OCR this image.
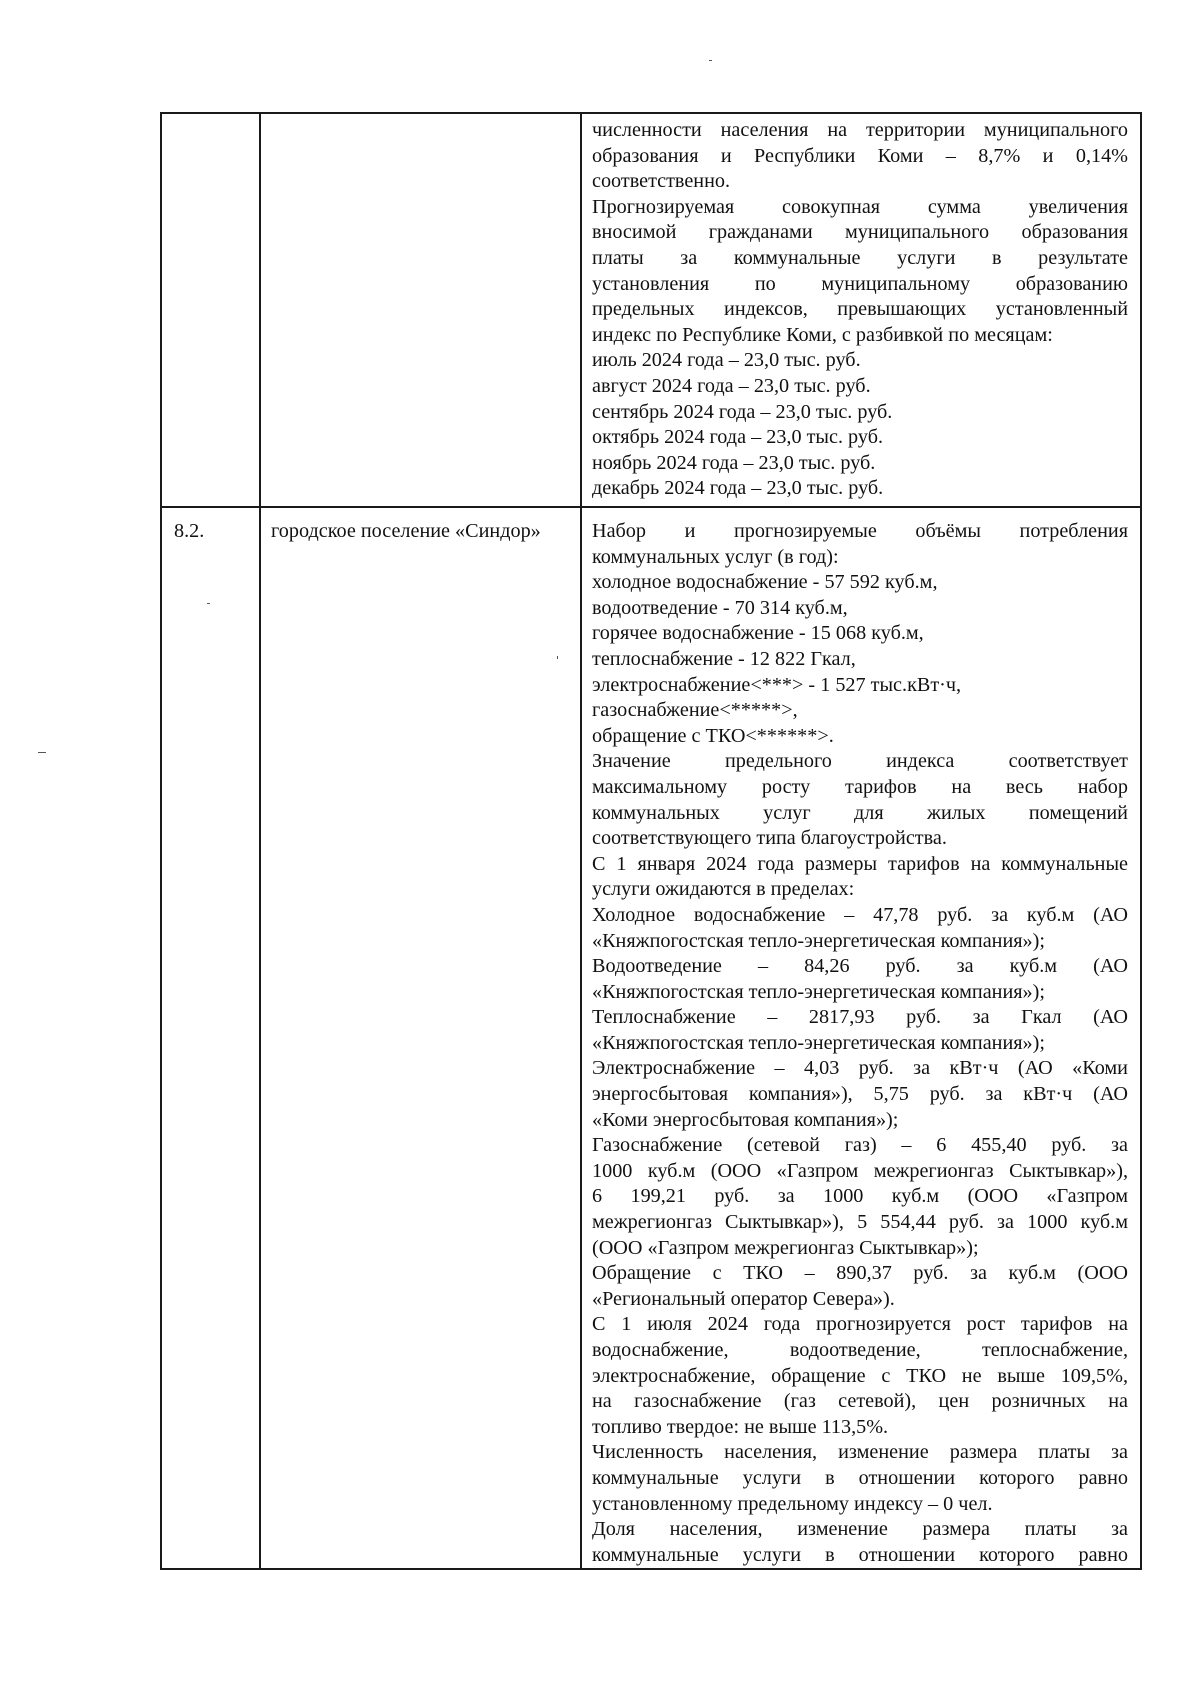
численности населения на территории муниципального
образования и Республики Коми – 8,7% и 0,14%
соответственно.
Прогнозируемая совокупная сумма увеличения
вносимой гражданами муниципального образования
платы за коммунальные услуги в результате
установления по муниципальному образованию
предельных индексов, превышающих установленный
индекс по Республике Коми, с разбивкой по месяцам:
июль 2024 года – 23,0 тыс. руб.
август 2024 года – 23,0 тыс. руб.
сентябрь 2024 года – 23,0 тыс. руб.
октябрь 2024 года – 23,0 тыс. руб.
ноябрь 2024 года – 23,0 тыс. руб.
декабрь 2024 года – 23,0 тыс. руб.
8.2.	городское поселение «Синдор»	Набор и прогнозируемые объёмы потребления
коммунальных услуг (в год):
холодное водоснабжение - 57 592 куб.м,
водоотведение - 70 314 куб.м,
горячее водоснабжение - 15 068 куб.м,
теплоснабжение - 12 822 Гкал,
электроснабжение<***> - 1 527 тыс.кВт·ч,
газоснабжение<*****>,
обращение с ТКО<******>.
Значение предельного индекса соответствует
максимальному росту тарифов на весь набор
коммунальных услуг для жилых помещений
соответствующего типа благоустройства.
С 1 января 2024 года размеры тарифов на коммунальные
услуги ожидаются в пределах:
Холодное водоснабжение – 47,78 руб. за куб.м (АО
«Княжпогостская тепло-энергетическая компания»);
Водоотведение – 84,26 руб. за куб.м (АО
«Княжпогостская тепло-энергетическая компания»);
Теплоснабжение – 2817,93 руб. за Гкал (АО
«Княжпогостская тепло-энергетическая компания»);
Электроснабжение – 4,03 руб. за кВт·ч (АО «Коми
энергосбытовая компания»), 5,75 руб. за кВт·ч (АО
«Коми энергосбытовая компания»);
Газоснабжение (сетевой газ) – 6 455,40 руб. за
1000 куб.м (ООО «Газпром межрегионгаз Сыктывкар»),
6 199,21 руб. за 1000 куб.м (ООО «Газпром
межрегионгаз Сыктывкар»), 5 554,44 руб. за 1000 куб.м
(ООО «Газпром межрегионгаз Сыктывкар»);
Обращение с ТКО – 890,37 руб. за куб.м (ООО
«Региональный оператор Севера»).
С 1 июля 2024 года прогнозируется рост тарифов на
водоснабжение, водоотведение, теплоснабжение,
электроснабжение, обращение с ТКО не выше 109,5%,
на газоснабжение (газ сетевой), цен розничных на
топливо твердое: не выше 113,5%.
Численность населения, изменение размера платы за
коммунальные услуги в отношении которого равно
установленному предельному индексу – 0 чел.
Доля населения, изменение размера платы за
коммунальные услуги в отношении которого равно
